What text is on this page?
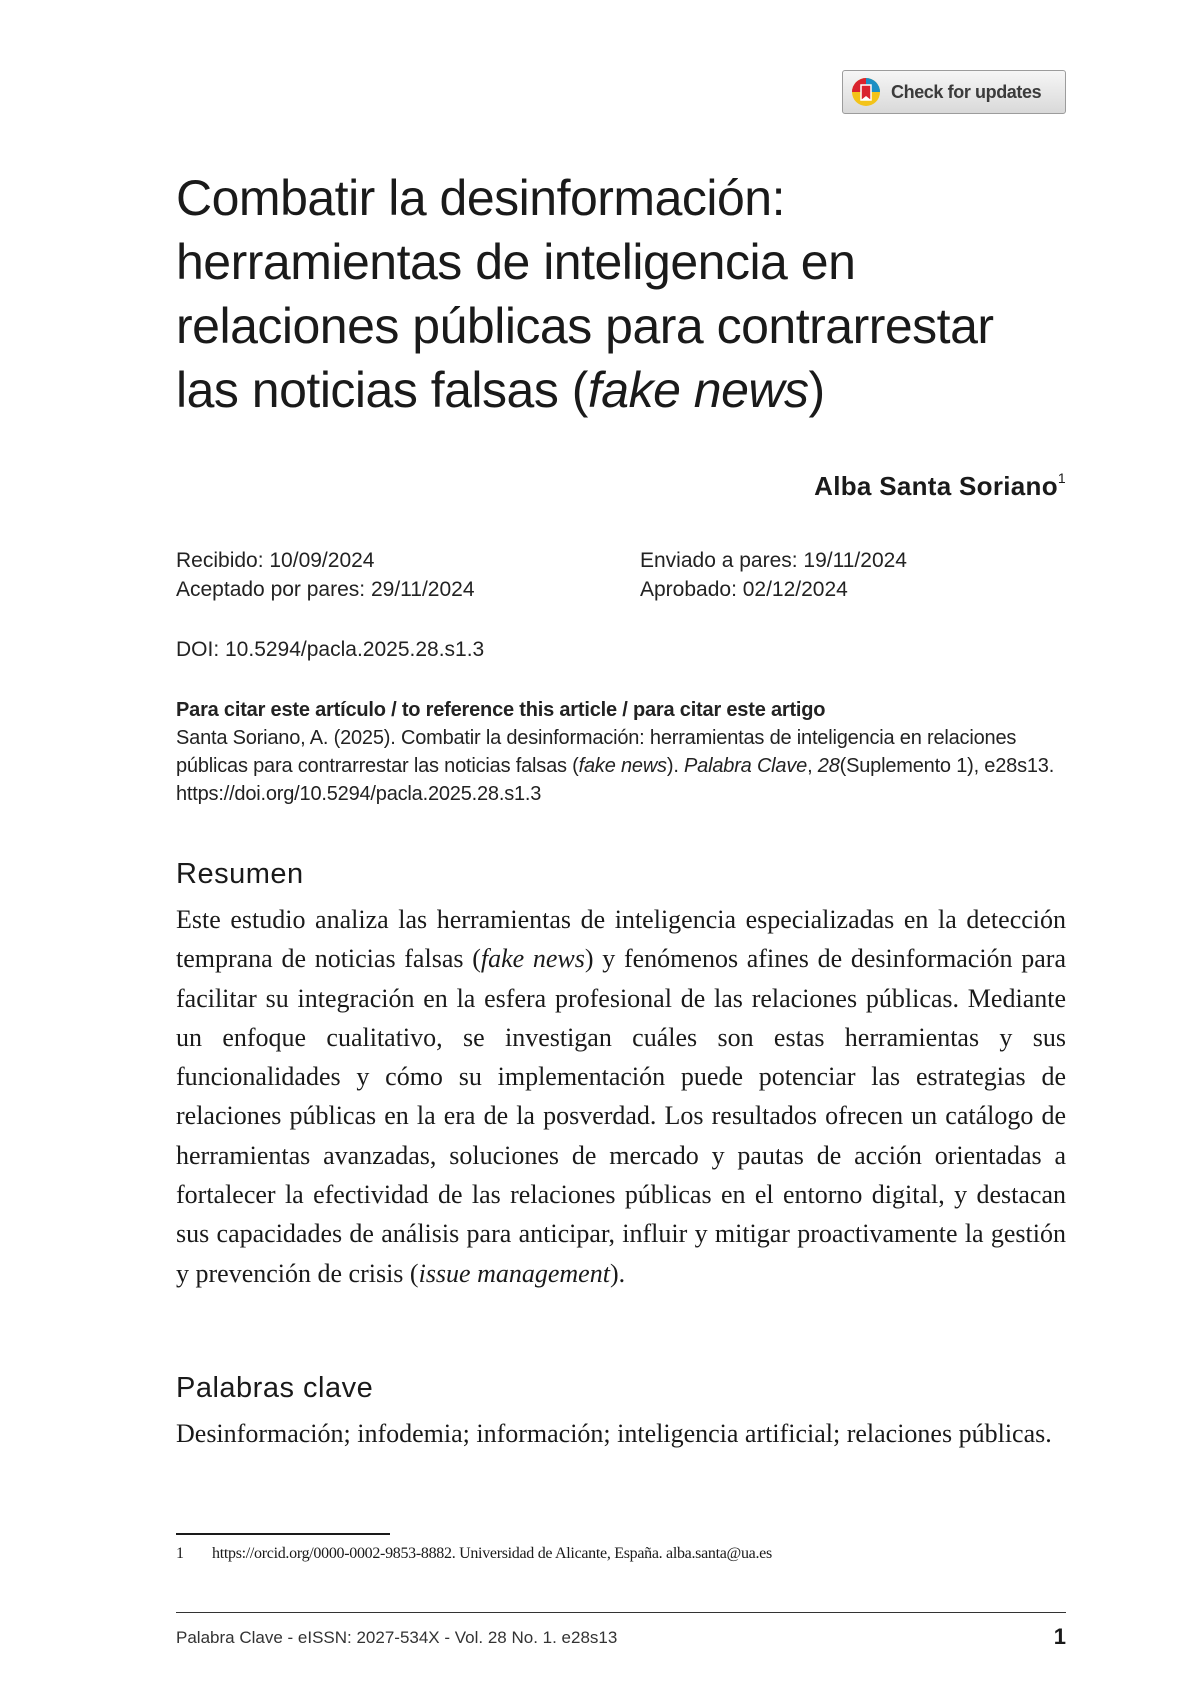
Check for updates
Combatir la desinformación:
herramientas de inteligencia en
relaciones públicas para contrarrestar
las noticias falsas (fake news)
Alba Santa Soriano$^1$
Recibido: 10/09/2024
Aceptado por pares: 29/11/2024
Enviado a pares: 19/11/2024
Aprobado: 02/12/2024
DOI: 10.5294/pacla.2025.28.s1.3
Para citar este artículo / to reference this article / para citar este artigo
Santa Soriano, A. (2025). Combatir la desinformación: herramientas de inteligencia en relaciones públicas para contrarrestar las noticias falsas (fake news). Palabra Clave, 28(Suplemento 1), e28s13. https://doi.org/10.5294/pacla.2025.28.s1.3
Resumen

Este estudio analiza las herramientas de inteligencia especializadas en la detección temprana de noticias falsas (fake news) y fenómenos afines de desinformación para facilitar su integración en la esfera profesional de las relaciones públicas. Mediante un enfoque cualitativo, se investigan cuáles son estas herramientas y sus funcionalidades y cómo su implementación puede potenciar las estrategias de relaciones públicas en la era de la posverdad. Los resultados ofrecen un catálogo de herramientas avanzadas, soluciones de mercado y pautas de acción orientadas a fortalecer la efectividad de las relaciones públicas en el entorno digital, y destacan sus capacidades de análisis para anticipar, influir y mitigar proactivamente la gestión y prevención de crisis (issue management).

Palabras clave

Desinformación; infodemia; información; inteligencia artificial; relaciones públicas.

1 https://orcid.org/0000-0002-9853-8882. Universidad de Alicante, España. alba.santa@ua.es
Palabra Clave - eISSN: 2027-534X - Vol. 28 No. 1. e28s13	1
